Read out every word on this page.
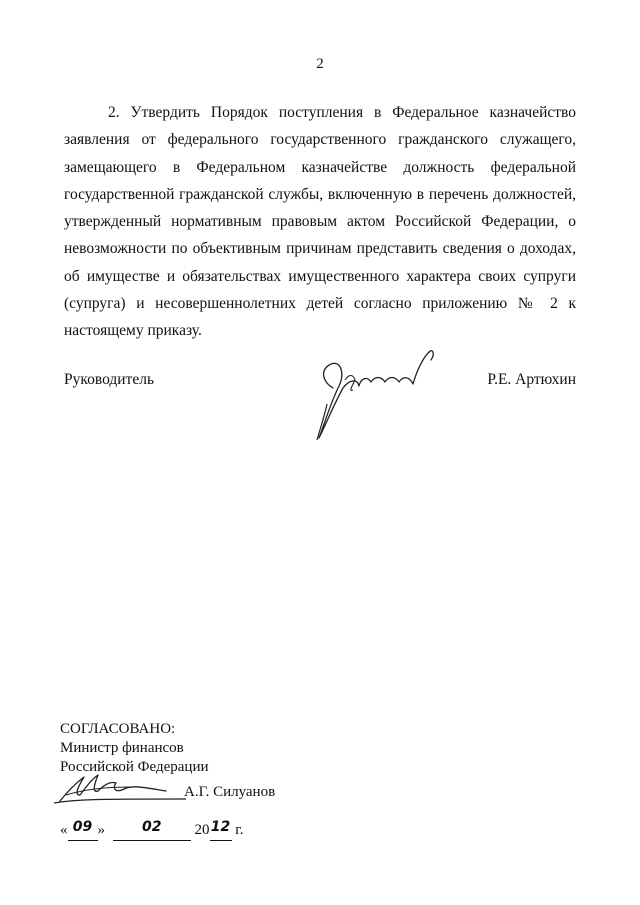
2

2. Утвердить Порядок поступления в Федеральное казначейство заявления от федерального государственного гражданского служащего, замещающего в Федеральном казначействе должность федеральной государственной гражданской службы, включенную в перечень должностей, утвержденный нормативным правовым актом Российской Федерации, о невозможности по объективным причинам представить сведения о доходах, об имуществе и обязательствах имущественного характера своих супруги (супруга) и несовершеннолетних детей согласно приложению № 2 к настоящему приказу.

Руководитель	Р.Е. Артюхин
СОГЛАСОВАНО:
Министр финансов
Российской Федерации
А.Г. Силуанов
« 09 »	02 2012 г.
